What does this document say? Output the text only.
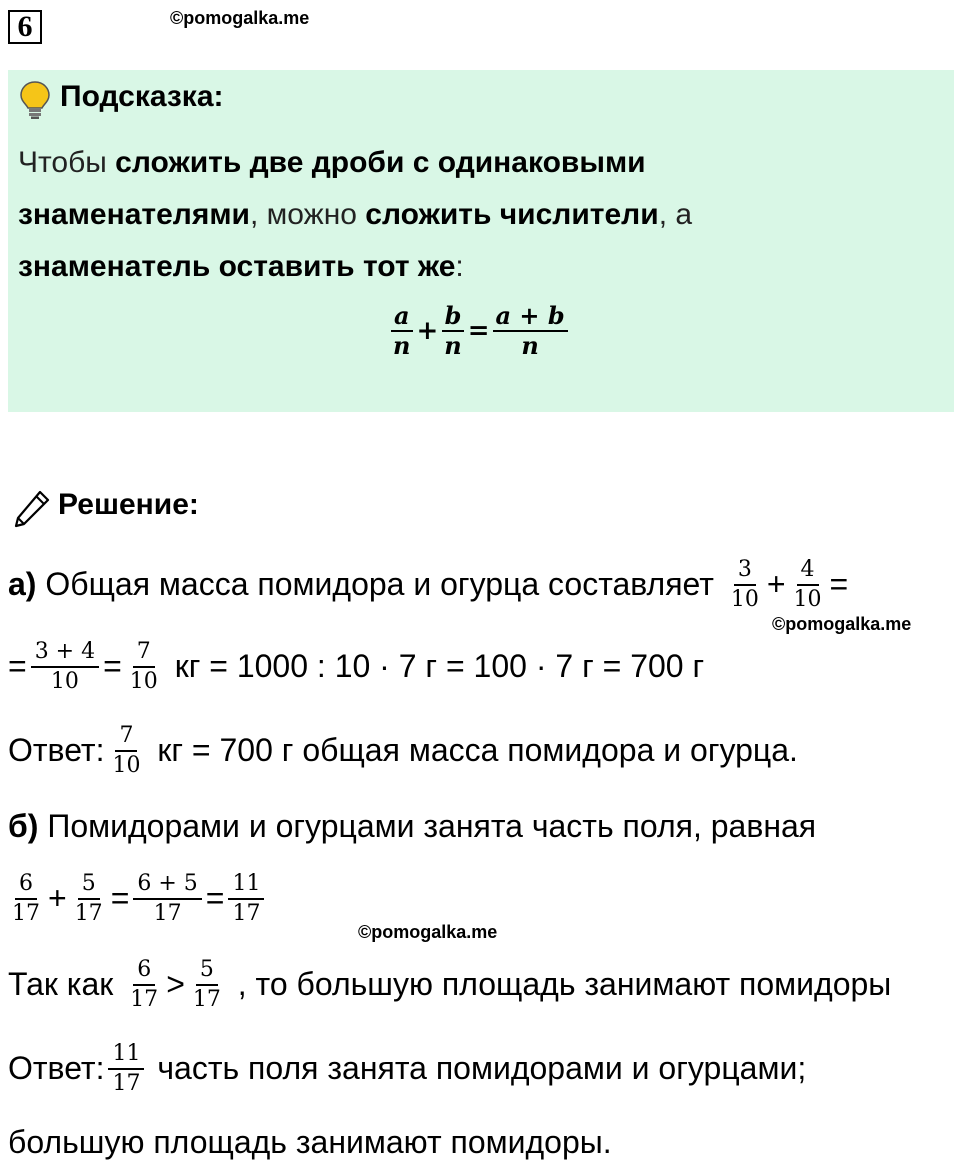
6	©pomogalka.me
Подсказка:
Чтобы сложить две дроби с одинаковыми
знаменателями, можно сложить числители, а
знаменатель оставить тот же:
$\frac{a}{n} + \frac{b}{n} = \frac{a + b}{n}$
Решение:
а) Общая масса помидора и огурца составляет $\frac{3}{10} + \frac{4}{10}$ =
©pomogalka.me
= $\frac{3 + 4}{10} = \frac{7}{10}$ кг = 1000 : 10 · 7 г = 100 · 7 г = 700 г
Ответ: $\frac{7}{10}$ кг = 700 г общая масса помидора и огурца.
б) Помидорами и огурцами занята часть поля, равная
$\frac{6}{17} + \frac{5}{17} = \frac{6 + 5}{17} = \frac{11}{17}$
©pomogalka.me
Так как $\frac{6}{17} > \frac{5}{17}$ , то большую площадь занимают помидоры
Ответ: $\frac{11}{17}$ часть поля занята помидорами и огурцами;
большую площадь занимают помидоры.
